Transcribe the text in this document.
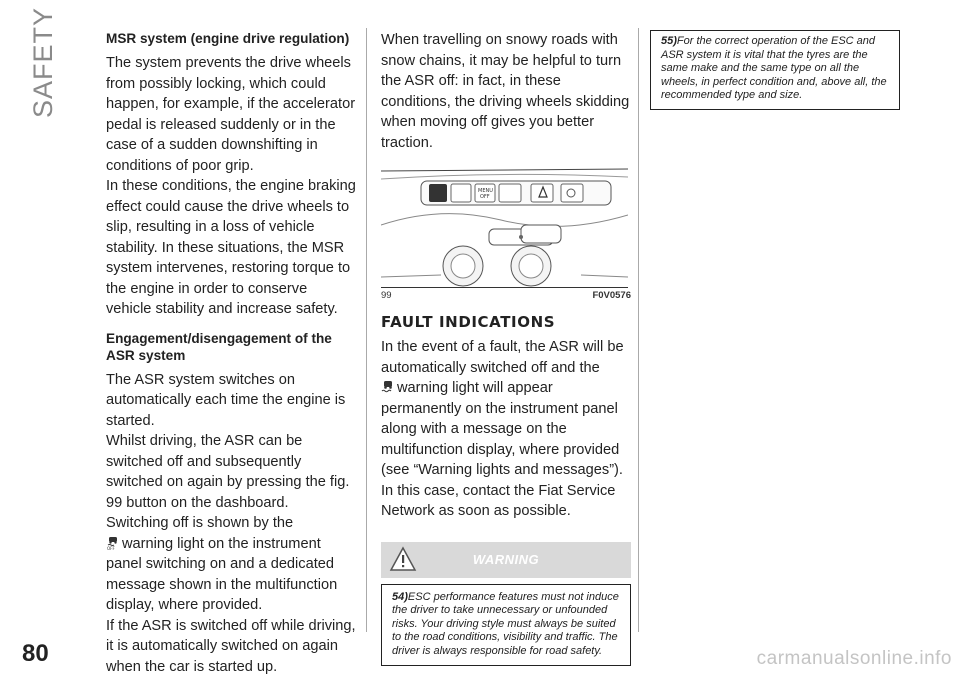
SAFETY
80
MSR system (engine drive regulation)

The system prevents the drive wheels from possibly locking, which could happen, for example, if the accelerator pedal is released suddenly or in the case of a sudden downshifting in conditions of poor grip.

In these conditions, the engine braking effect could cause the drive wheels to slip, resulting in a loss of vehicle stability. In these situations, the MSR system intervenes, restoring torque to the engine in order to conserve vehicle stability and increase safety.

Engagement/disengagement of the ASR system

The ASR system switches on automatically each time the engine is started.

Whilst driving, the ASR can be switched off and subsequently switched on again by pressing the fig. 99 button on the dashboard.

Switching off is shown by the

OFF warning light on the instrument panel switching on and a dedicated message shown in the multifunction display, where provided.

If the ASR is switched off while driving, it is automatically switched on again when the car is started up.

When travelling on snowy roads with snow chains, it may be helpful to turn the ASR off: in fact, in these conditions, the driving wheels skidding when moving off gives you better traction.

MENU
OFF
99	F0V0576
FAULT INDICATIONS

In the event of a fault, the ASR will be automatically switched off and the
warning light will appear permanently on the instrument panel along with a message on the multifunction display, where provided (see “Warning lights and messages”). In this case, contact the Fiat Service Network as soon as possible.

WARNING
54)ESC performance features must not induce the driver to take unnecessary or unfounded risks. Your driving style must always be suited to the road conditions, visibility and traffic. The driver is always responsible for road safety.
55)For the correct operation of the ESC and ASR system it is vital that the tyres are the same make and the same type on all the wheels, in perfect condition and, above all, the recommended type and size.
carmanualsonline.info
